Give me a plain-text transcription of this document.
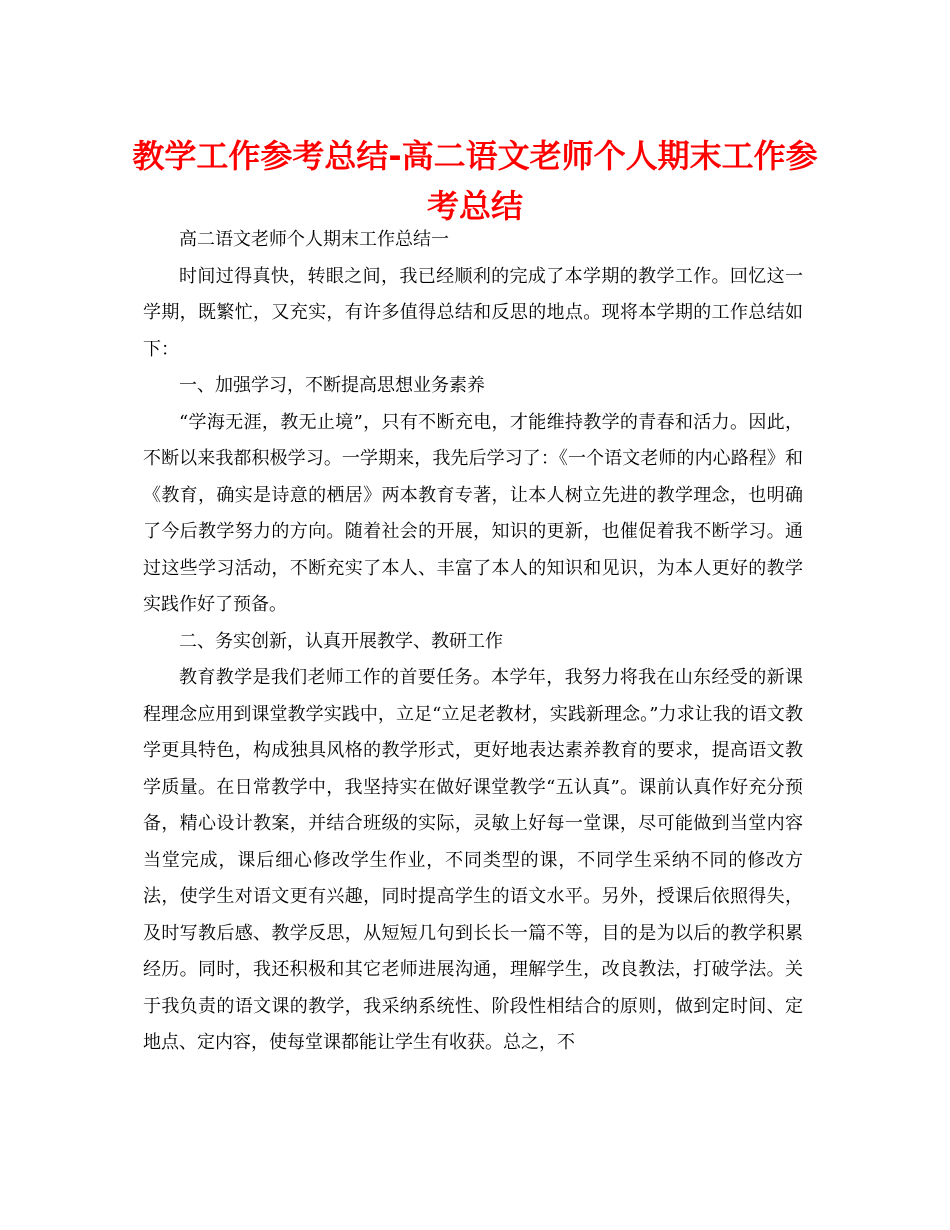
教学工作参考总结-高二语文老师个人期末工作参考总结

高二语文老师个人期末工作总结一

时间过得真快，转眼之间，我已经顺利的完成了本学期的教学工作。回忆这一学期，既繁忙，又充实，有许多值得总结和反思的地点。现将本学期的工作总结如下：

一、加强学习，不断提高思想业务素养

“学海无涯，教无止境”，只有不断充电，才能维持教学的青春和活力。因此，不断以来我都积极学习。一学期来，我先后学习了：《一个语文老师的内心路程》和《教育，确实是诗意的栖居》两本教育专著，让本人树立先进的教学理念，也明确了今后教学努力的方向。随着社会的开展，知识的更新，也催促着我不断学习。通过这些学习活动，不断充实了本人、丰富了本人的知识和见识，为本人更好的教学实践作好了预备。

二、务实创新，认真开展教学、教研工作

教育教学是我们老师工作的首要任务。本学年，我努力将我在山东经受的新课程理念应用到课堂教学实践中，立足“立足老教材，实践新理念。”力求让我的语文教学更具特色，构成独具风格的教学形式，更好地表达素养教育的要求，提高语文教学质量。在日常教学中，我坚持实在做好课堂教学“五认真”。课前认真作好充分预备，精心设计教案，并结合班级的实际，灵敏上好每一堂课，尽可能做到当堂内容当堂完成，课后细心修改学生作业，不同类型的课，不同学生采纳不同的修改方法，使学生对语文更有兴趣，同时提高学生的语文水平。另外，授课后依照得失，及时写教后感、教学反思，从短短几句到长长一篇不等，目的是为以后的教学积累经历。同时，我还积极和其它老师进展沟通，理解学生，改良教法，打破学法。关于我负责的语文课的教学，我采纳系统性、阶段性相结合的原则，做到定时间、定地点、定内容，使每堂课都能让学生有收获。总之，不
